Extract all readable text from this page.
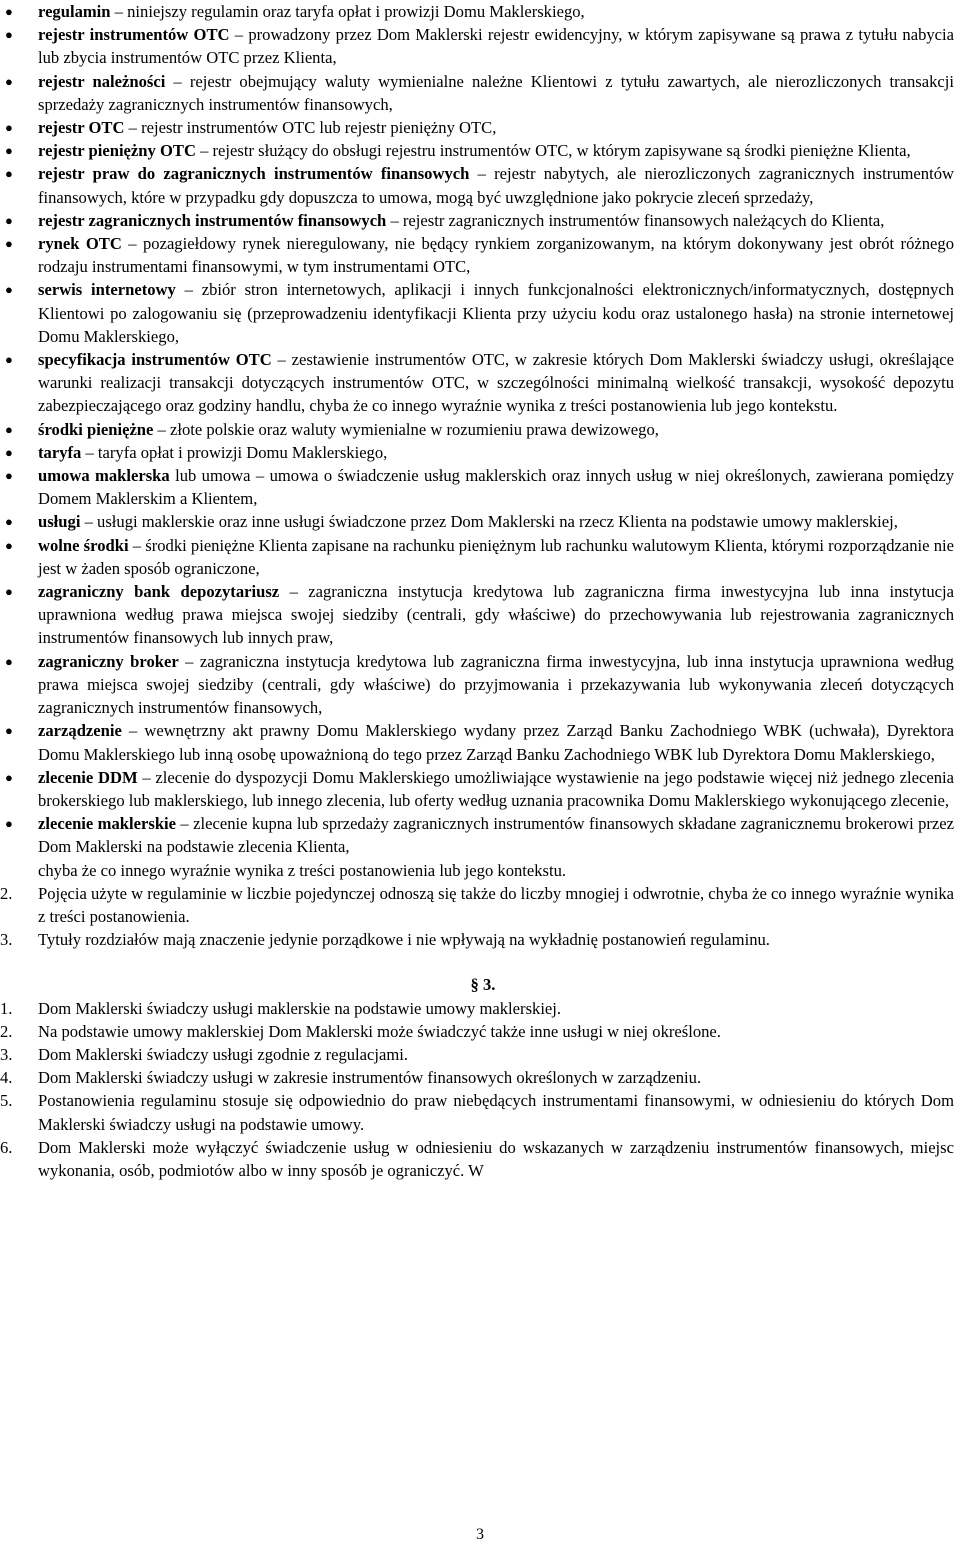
● regulamin – niniejszy regulamin oraz taryfa opłat i prowizji Domu Maklerskiego,
● rejestr instrumentów OTC – prowadzony przez Dom Maklerski rejestr ewidencyjny, w którym zapisywane są prawa z tytułu nabycia lub zbycia instrumentów OTC przez Klienta,
● rejestr należności – rejestr obejmujący waluty wymienialne należne Klientowi z tytułu zawartych, ale nierozliczonych transakcji sprzedaży zagranicznych instrumentów finansowych,
● rejestr OTC – rejestr instrumentów OTC lub rejestr pieniężny OTC,
● rejestr pieniężny OTC – rejestr służący do obsługi rejestru instrumentów OTC, w którym zapisywane są środki pieniężne Klienta,
● rejestr praw do zagranicznych instrumentów finansowych – rejestr nabytych, ale nierozliczonych zagranicznych instrumentów finansowych, które w przypadku gdy dopuszcza to umowa, mogą być uwzględnione jako pokrycie zleceń sprzedaży,
● rejestr zagranicznych instrumentów finansowych – rejestr zagranicznych instrumentów finansowych należących do Klienta,
● rynek OTC – pozagiełdowy rynek nieregulowany, nie będący rynkiem zorganizowanym, na którym dokonywany jest obrót różnego rodzaju instrumentami finansowymi, w tym instrumentami OTC,
● serwis internetowy – zbiór stron internetowych, aplikacji i innych funkcjonalności elektronicznych/informatycznych, dostępnych Klientowi po zalogowaniu się (przeprowadzeniu identyfikacji Klienta przy użyciu kodu oraz ustalonego hasła) na stronie internetowej Domu Maklerskiego,
● specyfikacja instrumentów OTC – zestawienie instrumentów OTC, w zakresie których Dom Maklerski świadczy usługi, określające warunki realizacji transakcji dotyczących instrumentów OTC, w szczególności minimalną wielkość transakcji, wysokość depozytu zabezpieczającego oraz godziny handlu, chyba że co innego wyraźnie wynika z treści postanowienia lub jego kontekstu.
● środki pieniężne – złote polskie oraz waluty wymienialne w rozumieniu prawa dewizowego,
● taryfa – taryfa opłat i prowizji Domu Maklerskiego,
● umowa maklerska lub umowa – umowa o świadczenie usług maklerskich oraz innych usług w niej określonych, zawierana pomiędzy Domem Maklerskim a Klientem,
● usługi – usługi maklerskie oraz inne usługi świadczone przez Dom Maklerski na rzecz Klienta na podstawie umowy maklerskiej,
● wolne środki – środki pieniężne Klienta zapisane na rachunku pieniężnym lub rachunku walutowym Klienta, którymi rozporządzanie nie jest w żaden sposób ograniczone,
● zagraniczny bank depozytariusz – zagraniczna instytucja kredytowa lub zagraniczna firma inwestycyjna lub inna instytucja uprawniona według prawa miejsca swojej siedziby (centrali, gdy właściwe) do przechowywania lub rejestrowania zagranicznych instrumentów finansowych lub innych praw,
● zagraniczny broker – zagraniczna instytucja kredytowa lub zagraniczna firma inwestycyjna, lub inna instytucja uprawniona według prawa miejsca swojej siedziby (centrali, gdy właściwe) do przyjmowania i przekazywania lub wykonywania zleceń dotyczących zagranicznych instrumentów finansowych,
● zarządzenie – wewnętrzny akt prawny Domu Maklerskiego wydany przez Zarząd Banku Zachodniego WBK (uchwała), Dyrektora Domu Maklerskiego lub inną osobę upoważnioną do tego przez Zarząd Banku Zachodniego WBK lub Dyrektora Domu Maklerskiego,
● zlecenie DDM – zlecenie do dyspozycji Domu Maklerskiego umożliwiające wystawienie na jego podstawie więcej niż jednego zlecenia brokerskiego lub maklerskiego, lub innego zlecenia, lub oferty według uznania pracownika Domu Maklerskiego wykonującego zlecenie,
● zlecenie maklerskie – zlecenie kupna lub sprzedaży zagranicznych instrumentów finansowych składane zagranicznemu brokerowi przez Dom Maklerski na podstawie zlecenia Klienta,
chyba że co innego wyraźnie wynika z treści postanowienia lub jego kontekstu.
2. Pojęcia użyte w regulaminie w liczbie pojedynczej odnoszą się także do liczby mnogiej i odwrotnie, chyba że co innego wyraźnie wynika z treści postanowienia.
3. Tytuły rozdziałów mają znaczenie jedynie porządkowe i nie wpływają na wykładnię postanowień regulaminu.
§ 3.
1. Dom Maklerski świadczy usługi maklerskie na podstawie umowy maklerskiej.
2. Na podstawie umowy maklerskiej Dom Maklerski może świadczyć także inne usługi w niej określone.
3. Dom Maklerski świadczy usługi zgodnie z regulacjami.
4. Dom Maklerski świadczy usługi w zakresie instrumentów finansowych określonych w zarządzeniu.
5. Postanowienia regulaminu stosuje się odpowiednio do praw niebędących instrumentami finansowymi, w odniesieniu do których Dom Maklerski świadczy usługi na podstawie umowy.
6. Dom Maklerski może wyłączyć świadczenie usług w odniesieniu do wskazanych w zarządzeniu instrumentów finansowych, miejsc wykonania, osób, podmiotów albo w inny sposób je ograniczyć. W
3
